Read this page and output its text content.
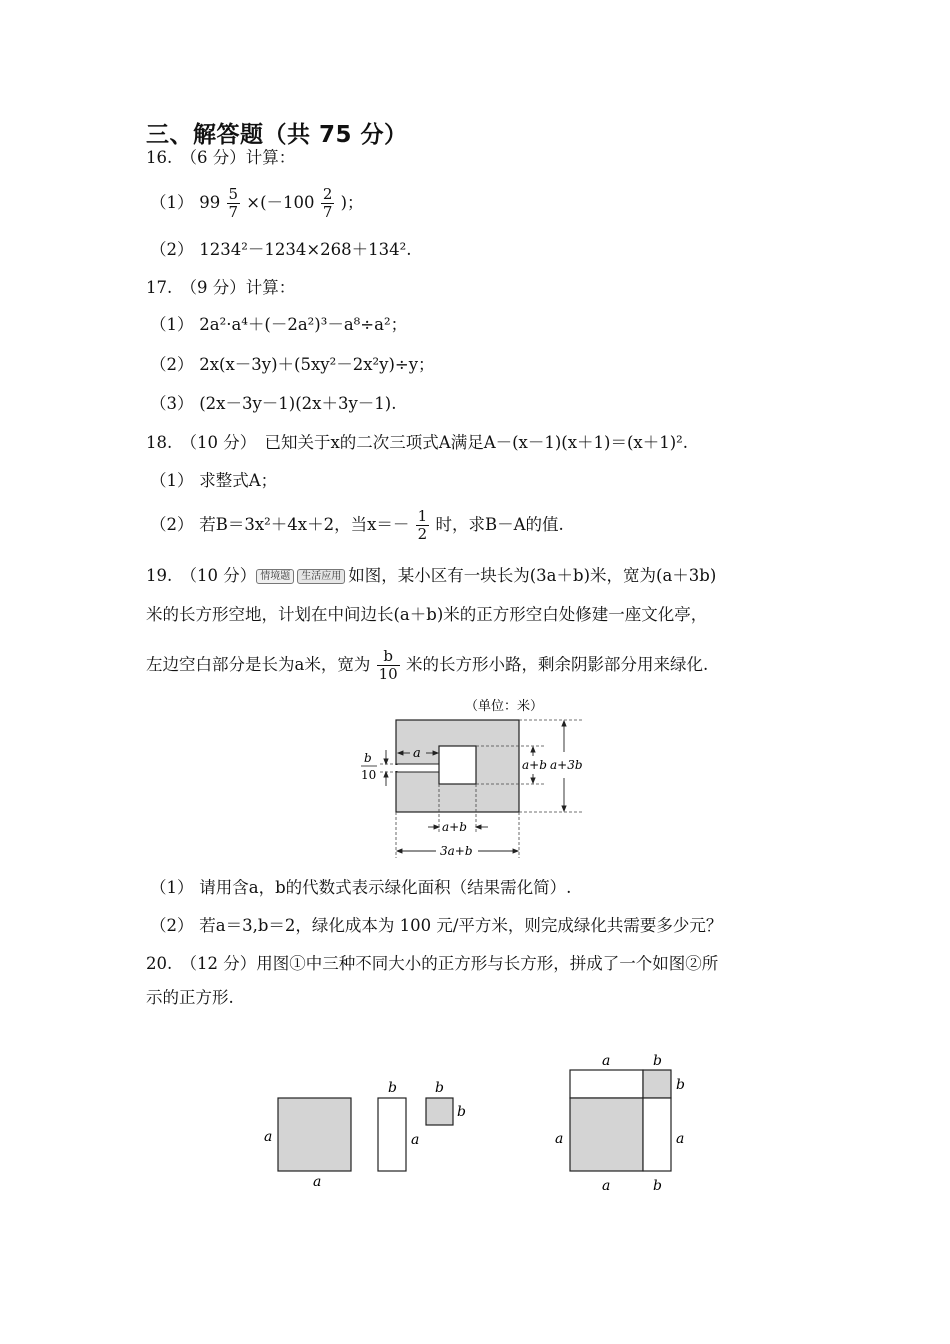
三、解答题（共 75 分）
16.　（6 分）计算：
（1） $99 \frac{5}{7} \times(-100 \frac{2}{7}$ )；
（2） 1234²－1234×268＋134².
17.　（9 分）计算：
（1） 2a²·a⁴＋(－2a²)³－a⁸÷a²；
（2） 2x(x－3y)＋(5xy²－2x²y)÷y；
（3） (2x－3y－1)(2x＋3y－1).
18.　（10 分）　已知关于x的二次三项式A满足A－(x－1)(x＋1)＝(x＋1)².
（1） 求整式A；
（2） 若B＝3x²＋4x＋2，当$x=- \frac{1}{2}$ 时，求B－A的值.
19.　（10 分） 情境题 生活应用 如图，某小区有一块长为(3a＋b)米，宽为(a＋3b)
米的长方形空地，计划在中间边长(a＋b)米的正方形空白处修建一座文化亭，
左边空白部分是长为a米，宽为 $\frac{b}{10}$ 米的长方形小路，剩余阴影部分用来绿化.
（单位：米）
a
a+b a+3b
a+b
3a+b
b
10
（1） 请用含a，b的代数式表示绿化面积（结果需化简）.
（2） 若a＝3,b＝2，绿化成本为 100 元/平方米，则完成绿化共需要多少元？
20.　（12 分）用图①中三种不同大小的正方形与长方形，拼成了一个如图②所
示的正方形.
a
a
b
a
b
b
a	b
b
a
a
a	b
